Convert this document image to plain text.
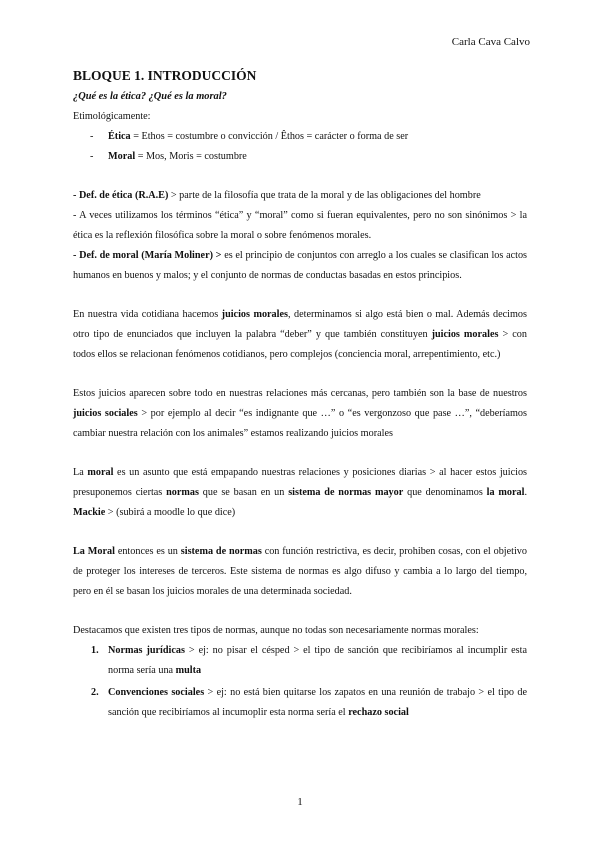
Carla Cava Calvo
BLOQUE 1. INTRODUCCIÓN
¿Qué es la ética? ¿Qué es la moral?
Etimológicamente:
- Ética = Ethos = costumbre o convicción / Êthos = carácter o forma de ser
- Moral = Mos, Moris = costumbre

- Def. de ética (R.A.E) > parte de la filosofía que trata de la moral y de las obligaciones del hombre

- A veces utilizamos los términos “ética” y “moral” como si fueran equivalentes, pero no son sinónimos > la ética es la reflexión filosófica sobre la moral o sobre fenómenos morales.

- Def. de moral (María Moliner) > es el principio de conjuntos con arreglo a los cuales se clasifican los actos humanos en buenos y malos; y el conjunto de normas de conductas basadas en estos principios.

En nuestra vida cotidiana hacemos juicios morales, determinamos si algo está bien o mal. Además decimos otro tipo de enunciados que incluyen la palabra “deber” y que también constituyen juicios morales > con todos ellos se relacionan fenómenos cotidianos, pero complejos (conciencia moral, arrepentimiento, etc.)

Estos juicios aparecen sobre todo en nuestras relaciones más cercanas, pero también son la base de nuestros juicios sociales > por ejemplo al decir “es indignante que …” o “es vergonzoso que pase …”, “deberíamos cambiar nuestra relación con los animales” estamos realizando juicios morales

La moral es un asunto que está empapando nuestras relaciones y posiciones diarias > al hacer estos juicios presuponemos ciertas normas que se basan en un sistema de normas mayor que denominamos la moral. Mackie > (subirá a moodle lo que dice)

La Moral entonces es un sistema de normas con función restrictiva, es decir, prohiben cosas, con el objetivo de proteger los intereses de terceros. Este sistema de normas es algo difuso y cambia a lo largo del tiempo, pero en él se basan los juicios morales de una determinada sociedad.

Destacamos que existen tres tipos de normas, aunque no todas son necesariamente normas morales:

1. Normas jurídicas > ej: no pisar el césped > el tipo de sanción que recibiríamos al incumplir esta norma sería una multa
2. Convenciones sociales > ej: no está bien quitarse los zapatos en una reunión de trabajo > el tipo de sanción que recibiríamos al incumoplir esta norma sería el rechazo social
1
